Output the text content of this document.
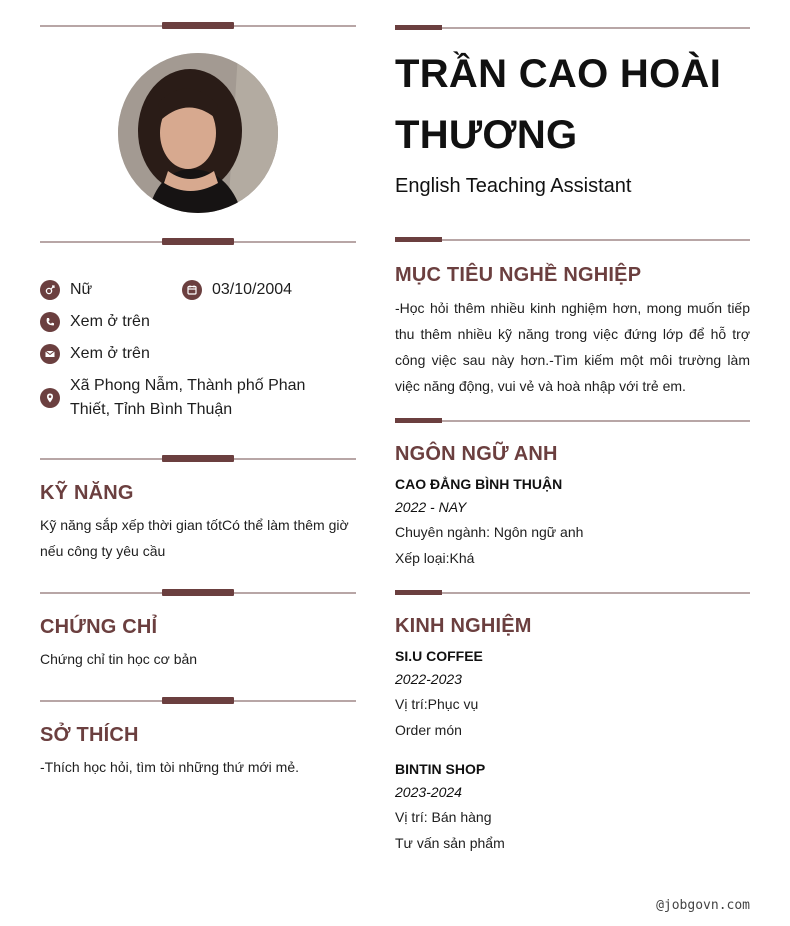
Nữ	03/10/2004
Xem ở trên
Xem ở trên
Xã Phong Nẫm, Thành phố Phan Thiết, Tỉnh Bình Thuận
KỸ NĂNG
Kỹ năng sắp xếp thời gian tốtCó thể làm thêm giờ nếu công ty yêu cầu
CHỨNG CHỈ
Chứng chỉ tin học cơ bản
SỞ THÍCH
-Thích học hỏi, tìm tòi những thứ mới mẻ.
TRẦN CAO HOÀI THƯƠNG
English Teaching Assistant
MỤC TIÊU NGHỀ NGHIỆP
-Học hỏi thêm nhiều kinh nghiệm hơn, mong muốn tiếp thu thêm nhiều kỹ năng trong việc đứng lớp để hỗ trợ công việc sau này hơn.-Tìm kiếm một môi trường làm việc năng động, vui vẻ và hoà nhập với trẻ em.
NGÔN NGỮ ANH
CAO ĐẲNG BÌNH THUẬN
2022 - NAY
Chuyên ngành: Ngôn ngữ anh
Xếp loại:Khá
KINH NGHIỆM
SI.U COFFEE
2022-2023
Vị trí:Phục vụ
Order món
BINTIN SHOP
2023-2024
Vị trí: Bán hàng
Tư vấn sản phẩm
@jobgovn.com
